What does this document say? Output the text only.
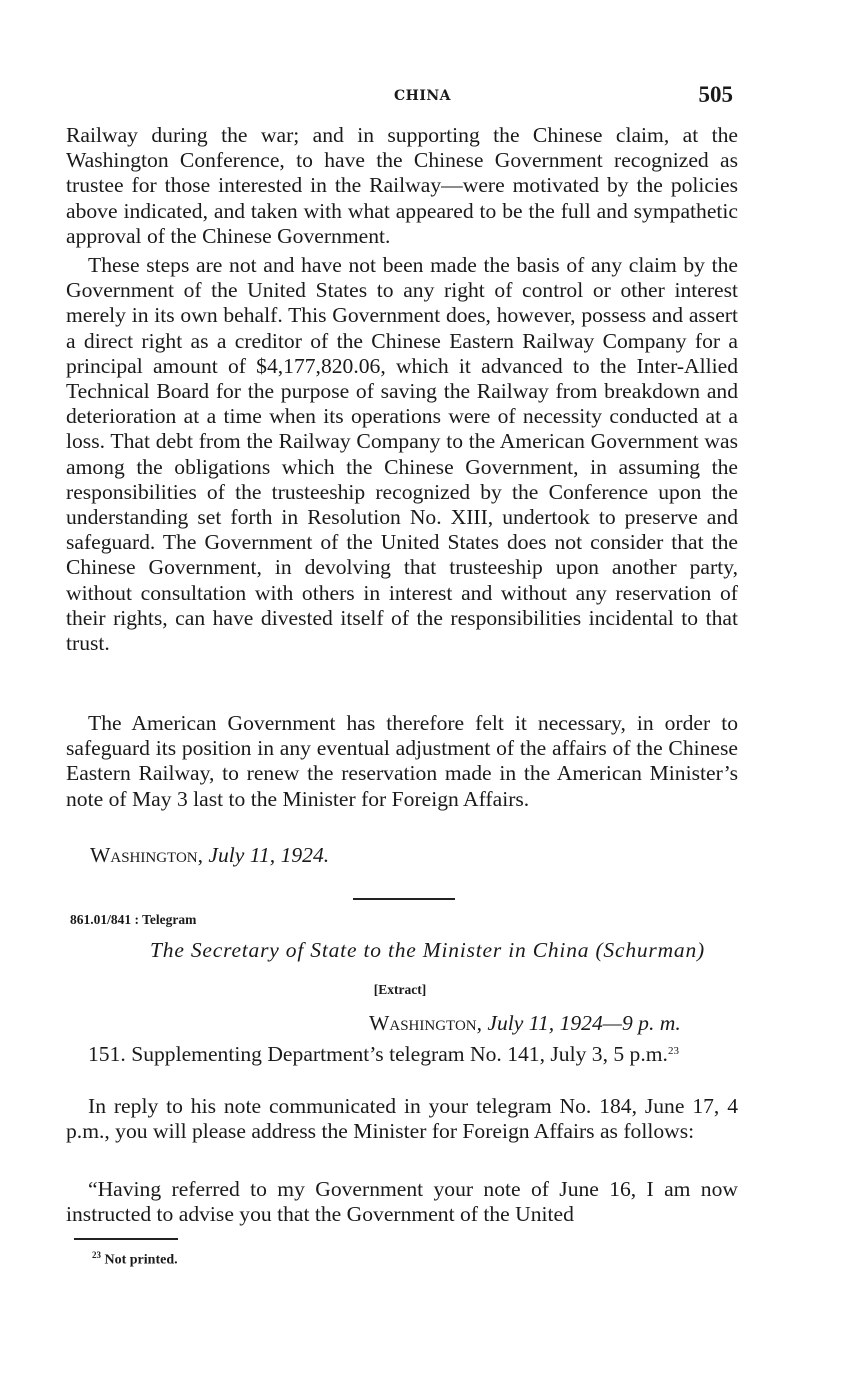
CHINA	505

Railway during the war; and in supporting the Chinese claim, at the Washington Conference, to have the Chinese Government recognized as trustee for those interested in the Railway—were motivated by the policies above indicated, and taken with what appeared to be the full and sympathetic approval of the Chinese Government.

These steps are not and have not been made the basis of any claim by the Government of the United States to any right of control or other interest merely in its own behalf. This Government does, however, possess and assert a direct right as a creditor of the Chinese Eastern Railway Company for a principal amount of $4,177,820.06, which it advanced to the Inter-Allied Technical Board for the purpose of saving the Railway from breakdown and deterioration at a time when its operations were of necessity conducted at a loss. That debt from the Railway Company to the American Government was among the obligations which the Chinese Government, in assuming the responsibilities of the trusteeship recognized by the Conference upon the understanding set forth in Resolution No. XIII, undertook to preserve and safeguard. The Government of the United States does not consider that the Chinese Government, in devolving that trusteeship upon another party, without consultation with others in interest and without any reservation of their rights, can have divested itself of the responsibilities incidental to that trust.

The American Government has therefore felt it necessary, in order to safeguard its position in any eventual adjustment of the affairs of the Chinese Eastern Railway, to renew the reservation made in the American Minister’s note of May 3 last to the Minister for Foreign Affairs.

Washington, July 11, 1924.
861.01/841 : Telegram
The Secretary of State to the Minister in China (Schurman)
[Extract]
Washington, July 11, 1924—9 p. m.

151. Supplementing Department’s telegram No. 141, July 3, 5 p.m.$^{23}$

In reply to his note communicated in your telegram No. 184, June 17, 4 p.m., you will please address the Minister for Foreign Affairs as follows:

“Having referred to my Government your note of June 16, I am now instructed to advise you that the Government of the United

$^{23}$ Not printed.
